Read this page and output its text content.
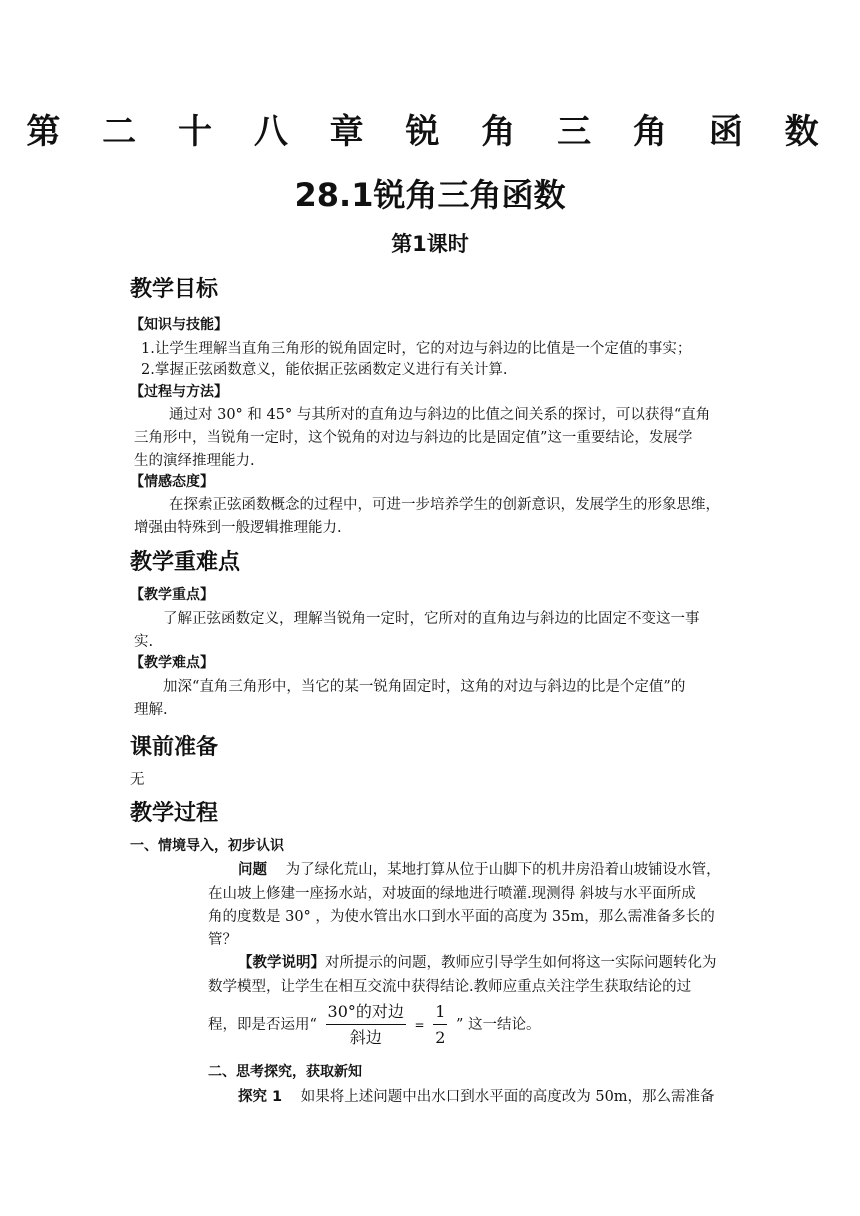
第 二 十 八 章 锐 角 三 角 函 数
28.1锐角三角函数
第1课时
教学目标
【知识与技能】
1.让学生理解当直角三角形的锐角固定时，它的对边与斜边的比值是一个定值的事实；
2.掌握正弦函数意义，能依据正弦函数定义进行有关计算.
【过程与方法】
通过对 30° 和 45° 与其所对的直角边与斜边的比值之间关系的探讨，可以获得“直角
三角形中，当锐角一定时，这个锐角的对边与斜边的比是固定值”这一重要结论，发展学
生的演绎推理能力.
【情感态度】
在探索正弦函数概念的过程中，可进一步培养学生的创新意识，发展学生的形象思维，
增强由特殊到一般逻辑推理能力.
教学重难点
【教学重点】
了解正弦函数定义，理解当锐角一定时，它所对的直角边与斜边的比固定不变这一事
实.
【教学难点】
加深“直角三角形中，当它的某一锐角固定时，这角的对边与斜边的比是个定值”的
理解.
课前准备
无
教学过程
一、情境导入，初步认识
问题 为了绿化荒山，某地打算从位于山脚下的机井房沿着山坡铺设水管，
在山坡上修建一座扬水站，对坡面的绿地进行喷灌.现测得 斜坡与水平面所成
角的度数是 30° ，为使水管出水口到水平面的高度为 35m，那么需准备多长的
管？
【教学说明】对所提示的问题，教师应引导学生如何将这一实际问题转化为
数学模型，让学生在相互交流中获得结论.教师应重点关注学生获取结论的过
程，即是否运用“ $\frac{\text{30°的对边}}{\text{斜边}} = \frac{1}{2}$ ” 这一结论。
二、思考探究，获取新知
探究 1 如果将上述问题中出水口到水平面的高度改为 50m，那么需准备
